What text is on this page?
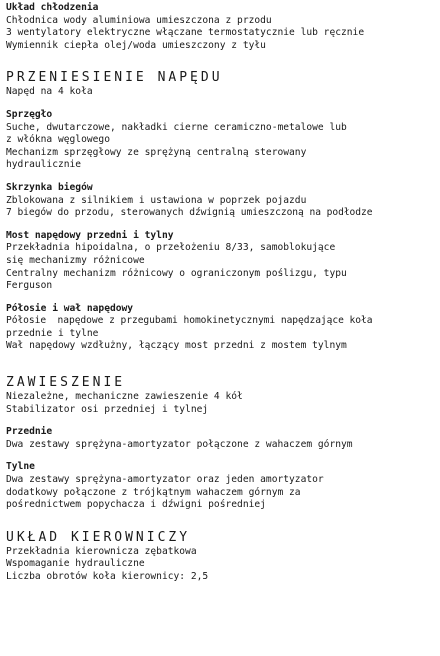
Układ chłodzenia
Chłodnica wody aluminiowa umieszczona z przodu
3 wentylatory elektryczne włączane termostatycznie lub ręcznie
Wymiennik ciepła olej/woda umieszczony z tyłu
PRZENIESIENIE NAPĘDU
Napęd na 4 koła
Sprzęgło
Suche, dwutarczowe, nakładki cierne ceramiczno-metalowe lub
z włókna węglowego
Mechanizm sprzęgłowy ze sprężyną centralną sterowany
hydraulicznie
Skrzynka biegów
Zblokowana z silnikiem i ustawiona w poprzek pojazdu
7 biegów do przodu, sterowanych dźwignią umieszczoną na podłodze
Most napędowy przedni i tylny
Przekładnia hipoidalna, o przełożeniu 8/33, samoblokujące
się mechanizmy różnicowe
Centralny mechanizm różnicowy o ograniczonym poślizgu, typu
Ferguson
Półosie i wał napędowy
Półosie  napędowe z przegubami homokinetycznymi napędzające koła
przednie i tylne
Wał napędowy wzdłużny, łączący most przedni z mostem tylnym
ZAWIESZENIE
Niezależne, mechaniczne zawieszenie 4 kół
Stabilizator osi przedniej i tylnej
Przednie
Dwa zestawy sprężyna-amortyzator połączone z wahaczem górnym
Tylne
Dwa zestawy sprężyna-amortyzator oraz jeden amortyzator
dodatkowy połączone z trójkątnym wahaczem górnym za
pośrednictwem popychacza i dźwigni pośredniej
UKŁAD KIEROWNICZY
Przekładnia kierownicza zębatkowa
Wspomaganie hydrauliczne
Liczba obrotów koła kierownicy: 2,5
